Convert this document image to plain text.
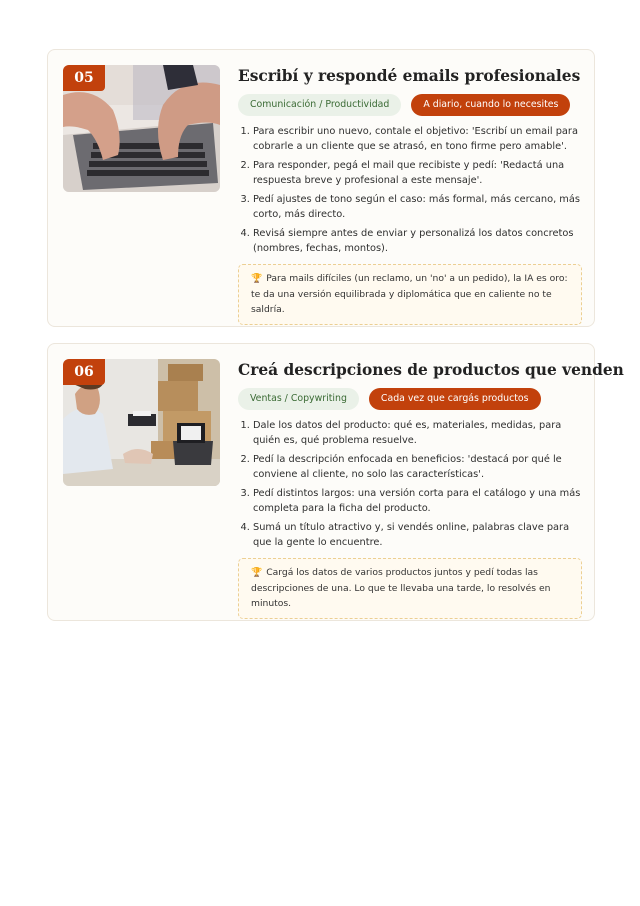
05	Escribí y respondé emails profesionales
Comunicación / Productividad	A diario, cuando lo necesites
1. Para escribir uno nuevo, contale el objetivo: 'Escribí un email para cobrarle a un cliente que se atrasó, en tono firme pero amable'.
2. Para responder, pegá el mail que recibiste y pedí: 'Redactá una respuesta breve y profesional a este mensaje'.
3. Pedí ajustes de tono según el caso: más formal, más cercano, más corto, más directo.
4. Revisá siempre antes de enviar y personalizá los datos concretos (nombres, fechas, montos).
🏆 Para mails difíciles (un reclamo, un 'no' a un pedido), la IA es oro: te da una versión equilibrada y diplomática que en caliente no te saldría.
06	Creá descripciones de productos que venden
Ventas / Copywriting	Cada vez que cargás productos
1. Dale los datos del producto: qué es, materiales, medidas, para quién es, qué problema resuelve.
2. Pedí la descripción enfocada en beneficios: 'destacá por qué le conviene al cliente, no solo las características'.
3. Pedí distintos largos: una versión corta para el catálogo y una más completa para la ficha del producto.
4. Sumá un título atractivo y, si vendés online, palabras clave para que la gente lo encuentre.
🏆 Cargá los datos de varios productos juntos y pedí todas las descripciones de una. Lo que te llevaba una tarde, lo resolvés en minutos.
